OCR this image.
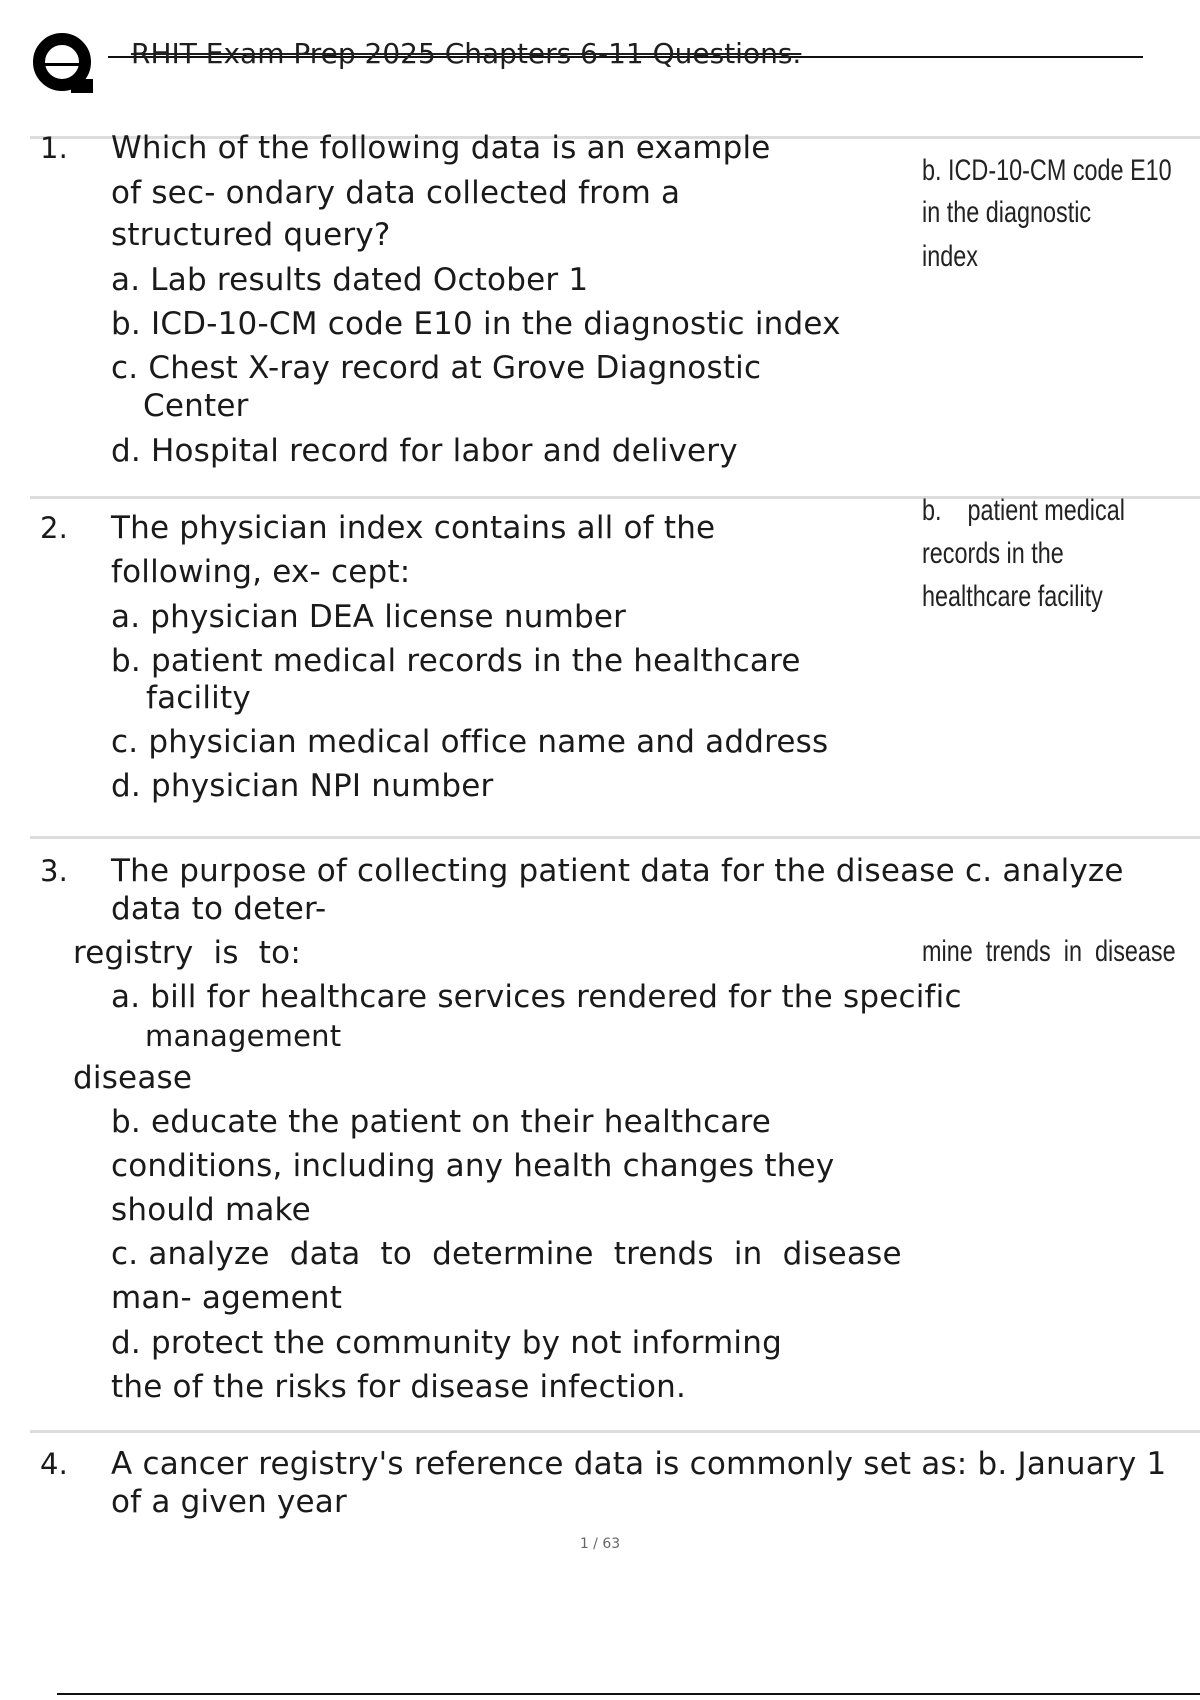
RHIT Exam Prep 2025 Chapters 6-11 Questions.
1. Which of the following data is an example
of sec- ondary data collected from a
structured query?
a. Lab results dated October 1
b. ICD-10-CM code E10 in the diagnostic index
c. Chest X-ray record at Grove Diagnostic
Center
d. Hospital record for labor and delivery
b. ICD-10-CM code E10
in the diagnostic
index
2. The physician index contains all of the
following, ex- cept:
a. physician DEA license number
b. patient medical records in the healthcare
facility
c. physician medical office name and address
d. physician NPI number
b.    patient medical
records in the
healthcare facility
3. The purpose of collecting patient data for the disease c. analyze
data to deter-
registry  is  to:	mine  trends  in  disease
a. bill for healthcare services rendered for the specific
management
disease
b. educate the patient on their healthcare
conditions, including any health changes they
should make
c. analyze  data  to  determine  trends  in  disease
man- agement
d. protect the community by not informing
the of the risks for disease infection.
4. A cancer registry's reference data is commonly set as: b. January 1
of a given year
1 / 63
